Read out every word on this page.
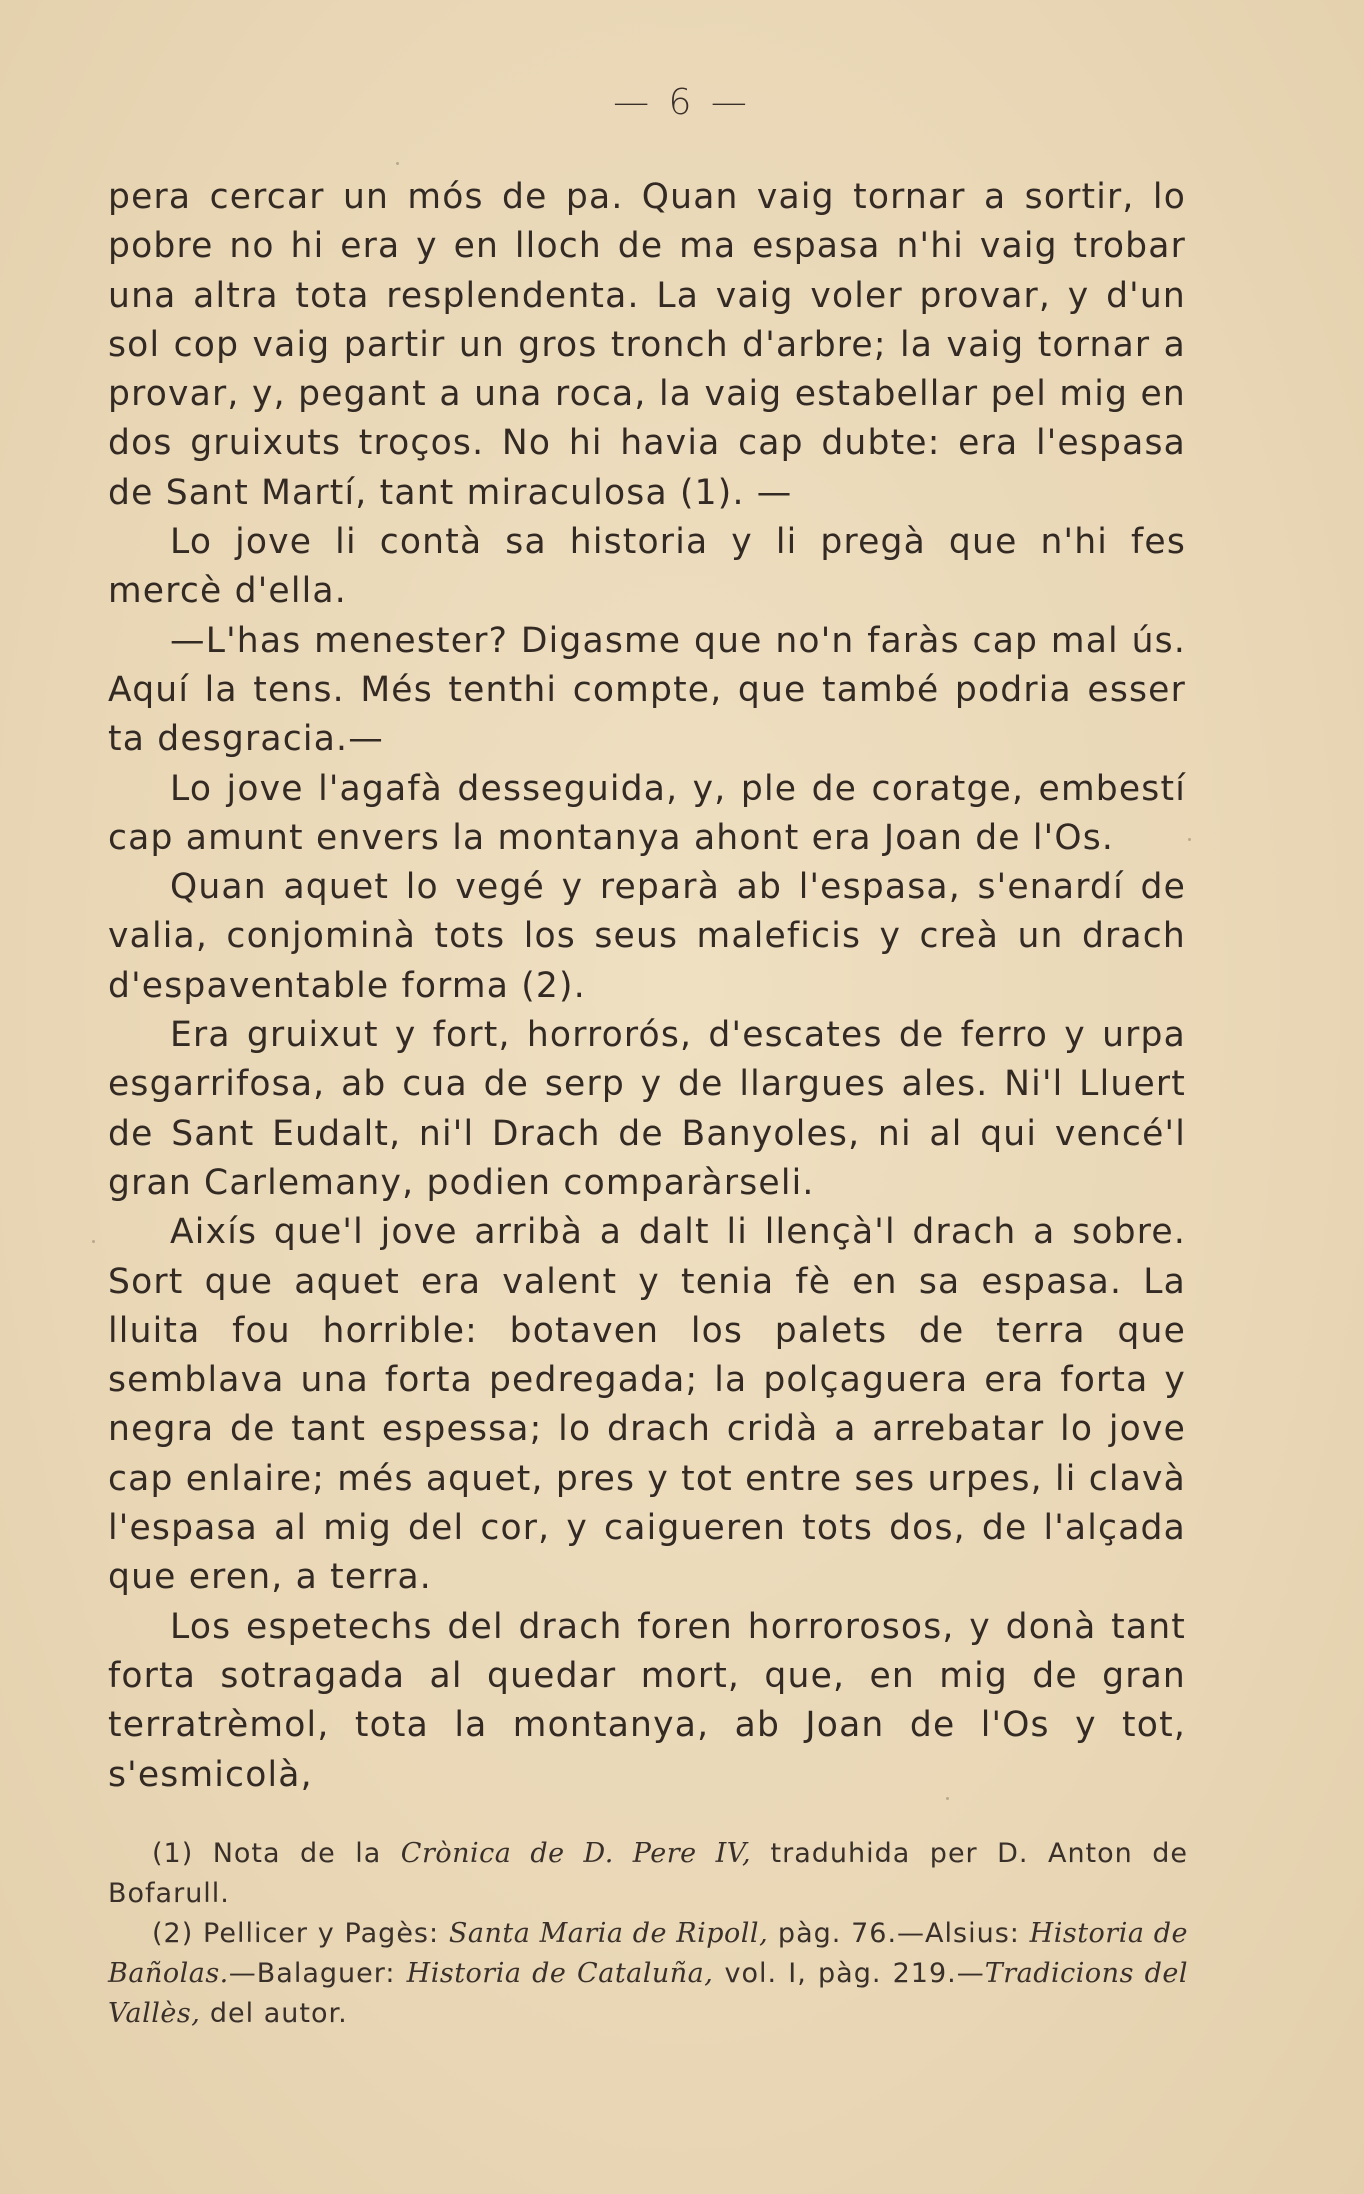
— 6 —

pera cercar un mós de pa. Quan vaig tornar a sortir, lo pobre no hi era y en lloch de ma espasa n'hi vaig trobar una altra tota resplendenta. La vaig voler provar, y d'un sol cop vaig partir un gros tronch d'arbre; la vaig tornar a provar, y, pegant a una roca, la vaig estabellar pel mig en dos gruixuts troços. No hi havia cap dubte: era l'espasa de Sant Martí, tant miraculosa (1). —

Lo jove li contà sa historia y li pregà que n'hi fes mercè d'ella.

—L'has menester? Digasme que no'n faràs cap mal ús. Aquí la tens. Més tenthi compte, que també podria esser ta desgracia.—

Lo jove l'agafà desseguida, y, ple de coratge, embestí cap amunt envers la montanya ahont era Joan de l'Os.

Quan aquet lo vegé y reparà ab l'espasa, s'enardí de valia, conjominà tots los seus maleficis y creà un drach d'espaventable forma (2).

Era gruixut y fort, horrorós, d'escates de ferro y urpa esgarrifosa, ab cua de serp y de llargues ales. Ni'l Lluert de Sant Eudalt, ni'l Drach de Banyoles, ni al qui vencé'l gran Carlemany, podien comparàrseli.

Aixís que'l jove arribà a dalt li llençà'l drach a sobre. Sort que aquet era valent y tenia fè en sa espasa. La lluita fou horrible: botaven los palets de terra que semblava una forta pedregada; la polçaguera era forta y negra de tant espessa; lo drach cridà a arrebatar lo jove cap enlaire; més aquet, pres y tot entre ses urpes, li clavà l'espasa al mig del cor, y caigueren tots dos, de l'alçada que eren, a terra.

Los espetechs del drach foren horrorosos, y donà tant forta sotragada al quedar mort, que, en mig de gran terratrèmol, tota la montanya, ab Joan de l'Os y tot, s'esmicolà,

(1) Nota de la Crònica de D. Pere IV, traduhida per D. Anton de Bofarull.

(2) Pellicer y Pagès: Santa Maria de Ripoll, pàg. 76.—Alsius: Historia de Bañolas.—Balaguer: Historia de Cataluña, vol. I, pàg. 219.—Tradicions del Vallès, del autor.
